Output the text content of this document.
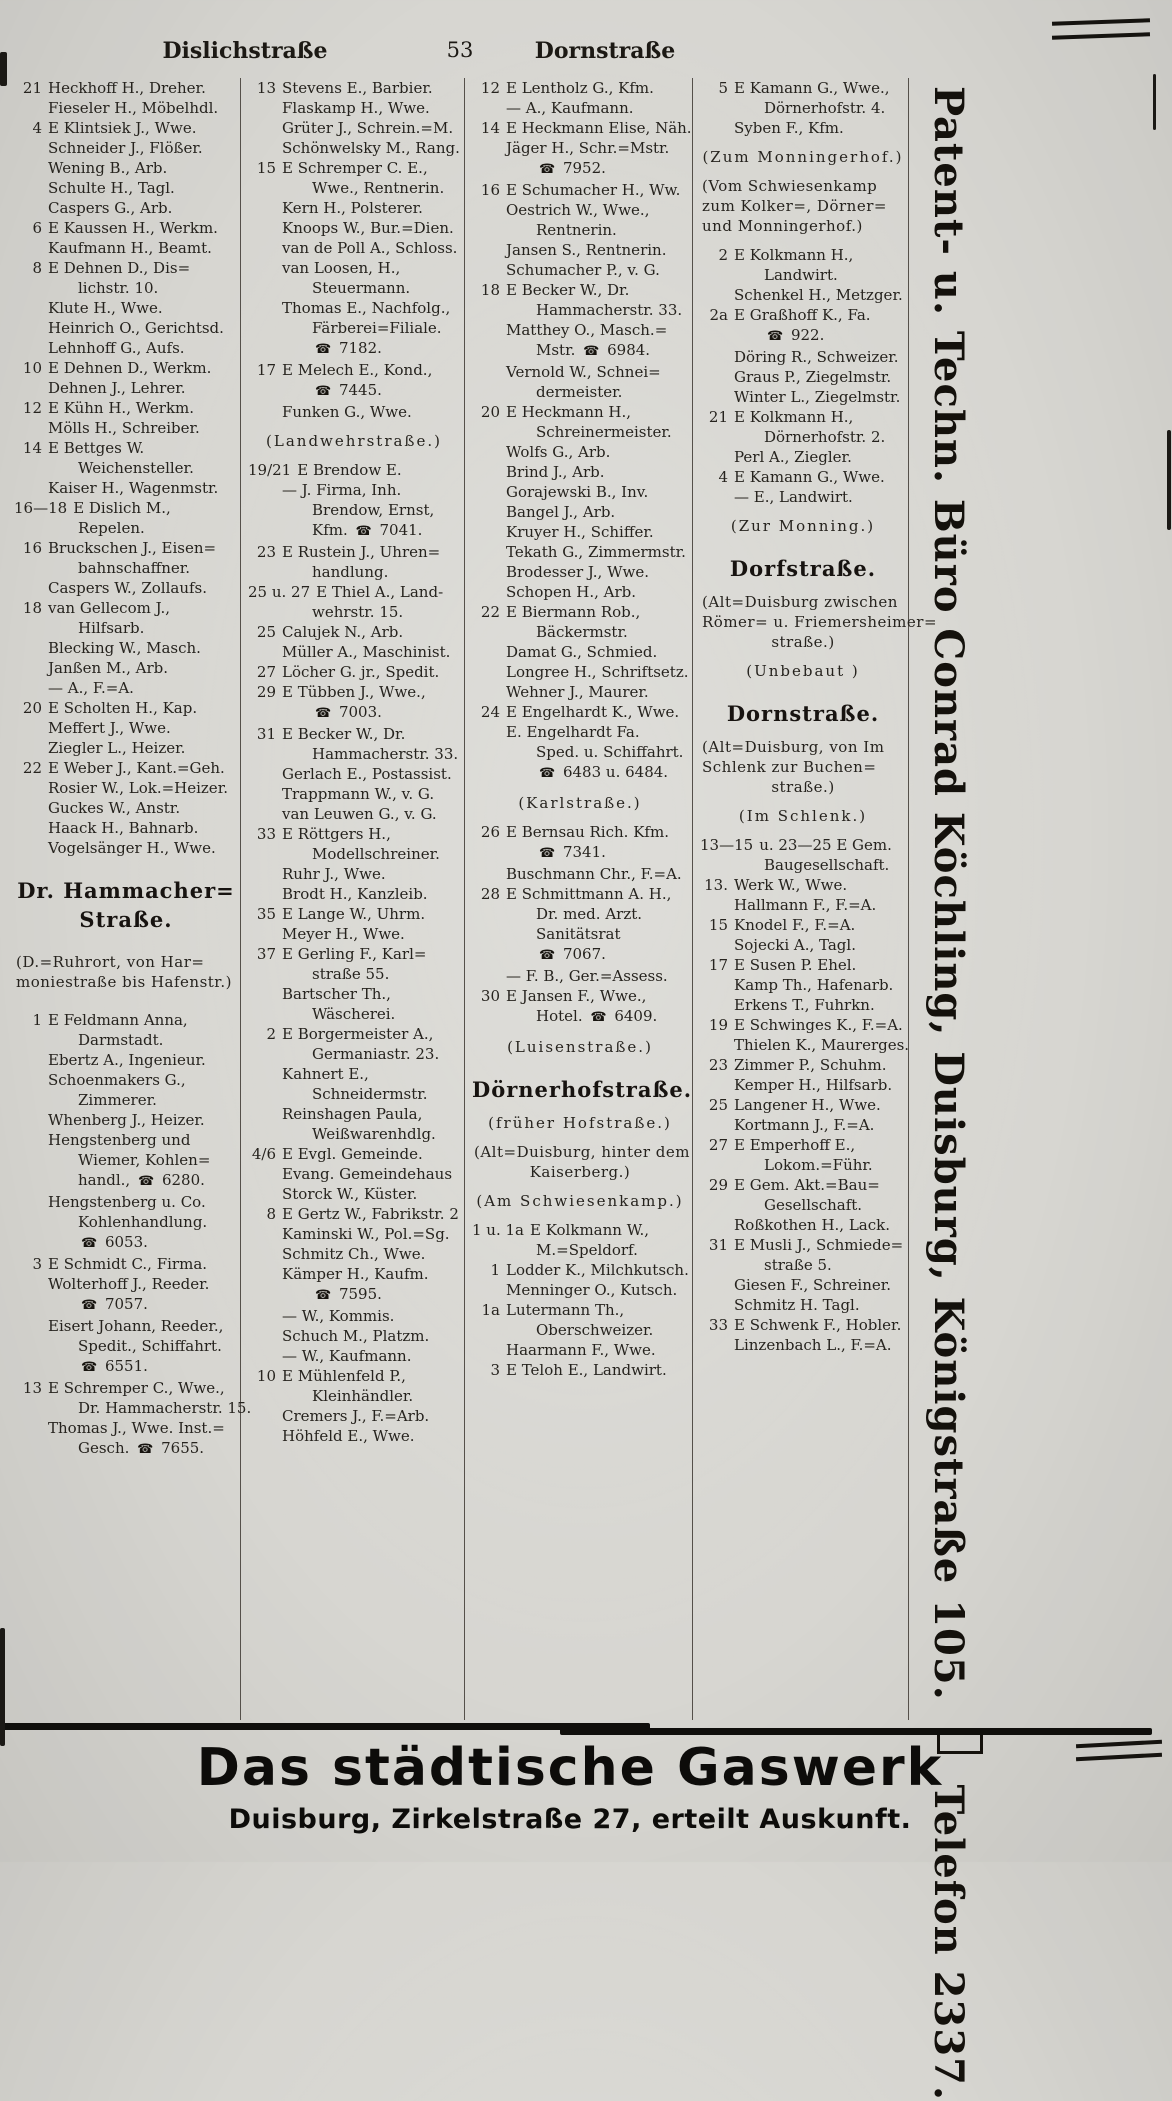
Dislichstraße	53	Dornstraße
21 Heckhoff H., Dreher.
Fieseler H., Möbelhdl.
4 E Klintsiek J., Wwe.
Schneider J., Flößer.
Wening B., Arb.
Schulte H., Tagl.
Caspers G., Arb.
6 E Kaussen H., Werkm.
Kaufmann H., Beamt.
8 E Dehnen D., Dis=
lichstr. 10.
Klute H., Wwe.
Heinrich O., Gerichtsd.
Lehnhoff G., Aufs.
10 E Dehnen D., Werkm.
Dehnen J., Lehrer.
12 E Kühn H., Werkm.
Mölls H., Schreiber.
14 E Bettges W.
Weichensteller.
Kaiser H., Wagenmstr.
16—18 E Dislich M.,
Repelen.
16 Bruckschen J., Eisen=
bahnschaffner.
Caspers W., Zollaufs.
18 van Gellecom J.,
Hilfsarb.
Blecking W., Masch.
Janßen M., Arb.
— A., F.=A.
20 E Scholten H., Kap.
Meffert J., Wwe.
Ziegler L., Heizer.
22 E Weber J., Kant.=Geh.
Rosier W., Lok.=Heizer.
Guckes W., Anstr.
Haack H., Bahnarb.
Vogelsänger H., Wwe.
Dr. Hammacher=
Straße.
(D.=Ruhrort, von Har=
moniestraße bis Hafenstr.)
1 E Feldmann Anna,
Darmstadt.
Ebertz A., Ingenieur.
Schoenmakers G.,
Zimmerer.
Whenberg J., Heizer.
Hengstenberg und
Wiemer, Kohlen=
handl., ☎ 6280.
Hengstenberg u. Co.
Kohlenhandlung.
☎ 6053.
3 E Schmidt C., Firma.
Wolterhoff J., Reeder.
☎ 7057.
Eisert Johann, Reeder.,
Spedit., Schiffahrt.
☎ 6551.
13 E Schremper C., Wwe.,
Dr. Hammacherstr. 15.
Thomas J., Wwe. Inst.=
Gesch. ☎ 7655.
13 Stevens E., Barbier.
Flaskamp H., Wwe.
Grüter J., Schrein.=M.
Schönwelsky M., Rang.
15 E Schremper C. E.,
Wwe., Rentnerin.
Kern H., Polsterer.
Knoops W., Bur.=Dien.
van de Poll A., Schloss.
van Loosen, H.,
Steuermann.
Thomas E., Nachfolg.,
Färberei=Filiale.
☎ 7182.
17 E Melech E., Kond.,
☎ 7445.
Funken G., Wwe.
(Landwehrstraße.)
19/21 E Brendow E.
— J. Firma, Inh.
Brendow, Ernst,
Kfm. ☎ 7041.
23 E Rustein J., Uhren=
handlung.
25 u. 27 E Thiel A., Land-
wehrstr. 15.
25 Calujek N., Arb.
Müller A., Maschinist.
27 Löcher G. jr., Spedit.
29 E Tübben J., Wwe.,
☎ 7003.
31 E Becker W., Dr.
Hammacherstr. 33.
Gerlach E., Postassist.
Trappmann W., v. G.
van Leuwen G., v. G.
33 E Röttgers H.,
Modellschreiner.
Ruhr J., Wwe.
Brodt H., Kanzleib.
35 E Lange W., Uhrm.
Meyer H., Wwe.
37 E Gerling F., Karl=
straße 55.
Bartscher Th.,
Wäscherei.
2 E Borgermeister A.,
Germaniastr. 23.
Kahnert E.,
Schneidermstr.
Reinshagen Paula,
Weißwarenhdlg.
4/6 E Evgl. Gemeinde.
Evang. Gemeindehaus
Storck W., Küster.
8 E Gertz W., Fabrikstr. 2
Kaminski W., Pol.=Sg.
Schmitz Ch., Wwe.
Kämper H., Kaufm.
☎ 7595.
— W., Kommis.
Schuch M., Platzm.
— W., Kaufmann.
10 E Mühlenfeld P.,
Kleinhändler.
Cremers J., F.=Arb.
Höhfeld E., Wwe.
12 E Lentholz G., Kfm.
— A., Kaufmann.
14 E Heckmann Elise, Näh.
Jäger H., Schr.=Mstr.
☎ 7952.
16 E Schumacher H., Ww.
Oestrich W., Wwe.,
Rentnerin.
Jansen S., Rentnerin.
Schumacher P., v. G.
18 E Becker W., Dr.
Hammacherstr. 33.
Matthey O., Masch.=
Mstr. ☎ 6984.
Vernold W., Schnei=
dermeister.
20 E Heckmann H.,
Schreinermeister.
Wolfs G., Arb.
Brind J., Arb.
Gorajewski B., Inv.
Bangel J., Arb.
Kruyer H., Schiffer.
Tekath G., Zimmermstr.
Brodesser J., Wwe.
Schopen H., Arb.
22 E Biermann Rob.,
Bäckermstr.
Damat G., Schmied.
Longree H., Schriftsetz.
Wehner J., Maurer.
24 E Engelhardt K., Wwe.
E. Engelhardt Fa.
Sped. u. Schiffahrt.
☎ 6483 u. 6484.
(Karlstraße.)
26 E Bernsau Rich. Kfm.
☎ 7341.
Buschmann Chr., F.=A.
28 E Schmittmann A. H.,
Dr. med. Arzt.
Sanitätsrat
☎ 7067.
— F. B., Ger.=Assess.
30 E Jansen F., Wwe.,
Hotel. ☎ 6409.
(Luisenstraße.)
Dörnerhofstraße.
(früher Hofstraße.)
(Alt=Duisburg, hinter dem
Kaiserberg.)
(Am Schwiesenkamp.)
1 u. 1a E Kolkmann W.,
M.=Speldorf.
1 Lodder K., Milchkutsch.
Menninger O., Kutsch.
1a Lutermann Th.,
Oberschweizer.
Haarmann F., Wwe.
3 E Teloh E., Landwirt.
5 E Kamann G., Wwe.,
Dörnerhofstr. 4.
Syben F., Kfm.
(Zum Monningerhof.)
(Vom Schwiesenkamp
zum Kolker=, Dörner=
und Monningerhof.)
2 E Kolkmann H.,
Landwirt.
Schenkel H., Metzger.
2a E Graßhoff K., Fa.
☎ 922.
Döring R., Schweizer.
Graus P., Ziegelmstr.
Winter L., Ziegelmstr.
21 E Kolkmann H.,
Dörnerhofstr. 2.
Perl A., Ziegler.
4 E Kamann G., Wwe.
— E., Landwirt.
(Zur Monning.)
Dorfstraße.
(Alt=Duisburg zwischen
Römer= u. Friemersheimer=
straße.)
(Unbebaut )
Dornstraße.
(Alt=Duisburg, von Im
Schlenk zur Buchen=
straße.)
(Im Schlenk.)
13—15 u. 23—25 E Gem.
Baugesellschaft.
13. Werk W., Wwe.
Hallmann F., F.=A.
15 Knodel F., F.=A.
Sojecki A., Tagl.
17 E Susen P. Ehel.
Kamp Th., Hafenarb.
Erkens T., Fuhrkn.
19 E Schwinges K., F.=A.
Thielen K., Maurerges.
23 Zimmer P., Schuhm.
Kemper H., Hilfsarb.
25 Langener H., Wwe.
Kortmann J., F.=A.
27 E Emperhoff E.,
Lokom.=Führ.
29 E Gem. Akt.=Bau=
Gesellschaft.
Roßkothen H., Lack.
31 E Musli J., Schmiede=
straße 5.
Giesen F., Schreiner.
Schmitz H. Tagl.
33 E Schwenk F., Hobler.
Linzenbach L., F.=A. Patent- u. Techn. Büro Conrad Köchling, Duisburg, Königstraße 105.  Telefon 2337.
Das städtische Gaswerk
Duisburg, Zirkelstraße 27, erteilt Auskunft.
